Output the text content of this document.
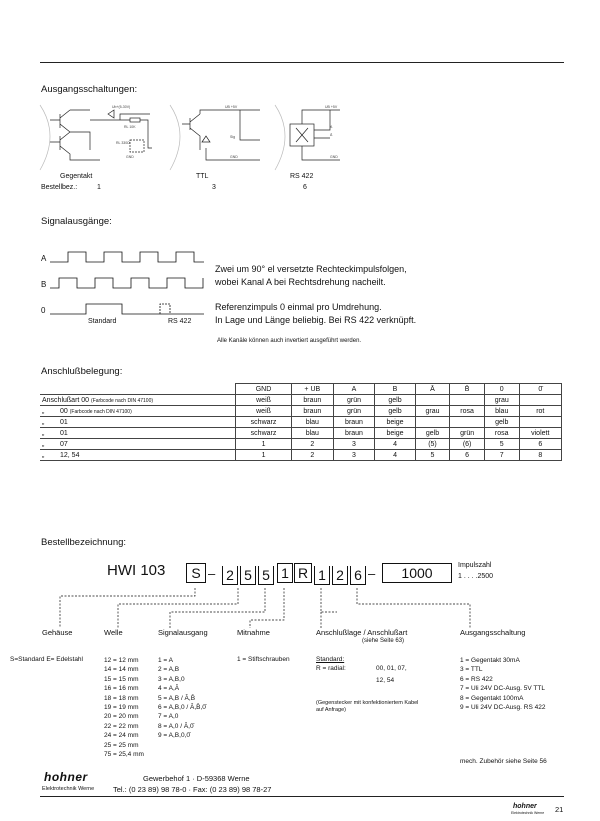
Ausgangsschaltungen:
Ub+(5-30V)
RL 10K
RL 330Ω
GND
UB +5V
Sig
GND
UB +5V
A
Ā
GND
Gegentakt	TTL	RS 422
Bestellbez.:	1	3	6
Signalausgänge:
A
B
0
Standard	RS 422
Zwei um 90° el versetzte Rechteckimpulsfolgen,
wobei Kanal A bei Rechtsdrehung nacheilt.
Referenzimpuls 0 einmal pro Umdrehung.
In Lage und Länge beliebig. Bei RS 422 verknüpft.
Alle Kanäle können auch invertiert ausgeführt werden.
Anschlußbelegung:
		GND	+ UB	A	B	Ā	B̄	0	0̄
Anschlußart 00 (Farbcode nach DIN 47100)		weiß	braun	grün	gelb			grau	
„	00 (Farbcode nach DIN 47100)	weiß	braun	grün	gelb	grau	rosa	blau	rot
„	01	schwarz	blau	braun	beige			gelb	
„	01	schwarz	blau	braun	beige	gelb	grün	rosa	violett
„	07	1	2	3	4	(5)	(6)	5	6
„	12, 54	1	2	3	4	5	6	7	8
Bestellbezeichnung:
HWI 103	S – 2 5 5 1 R 1 2 6 –	1000	Impulszahl
1 . . . .2500
Gehäuse	Welle	Signalausgang	Mitnahme	Anschlußlage / Anschlußart
(siehe Seite 63)
Ausgangsschaltung
S=Standard E= Edelstahl	12 = 12 mm
14 = 14 mm
15 = 15 mm
16 = 16 mm
18 = 18 mm
19 = 19 mm
20 = 20 mm
22 = 22 mm
24 = 24 mm
25 = 25 mm
75 = 25,4 mm
1 = A
2 = A,B
3 = A,B,0
4 = A,Ā
5 = A,B / Ā,B̄
6 = A,B,0 / Ā,B̄,0̄
7 = A,0
8 = A,0 / Ā,0̄
9 = A,B,0,0̄
1 = Stiftschrauben	Standard:
R = radial:	00, 01, 07,
12, 54
(Gegenstecker mit konfektioniertem Kabel auf Anfrage)
1 = Gegentakt 30mA
3 = TTL
6 = RS 422
7 = Uli 24V DC-Ausg. 5V TTL
8 = Gegentakt 100mA
9 = Uli 24V DC-Ausg. RS 422
mech. Zubehör siehe Seite 56
hohner
Elektrotechnik Werne
Gewerbehof 1 · D-59368 Werne
Tel.: (0 23 89) 98 78-0 · Fax: (0 23 89) 98 78-27
hohner
Elektrotechnik Werne 21
